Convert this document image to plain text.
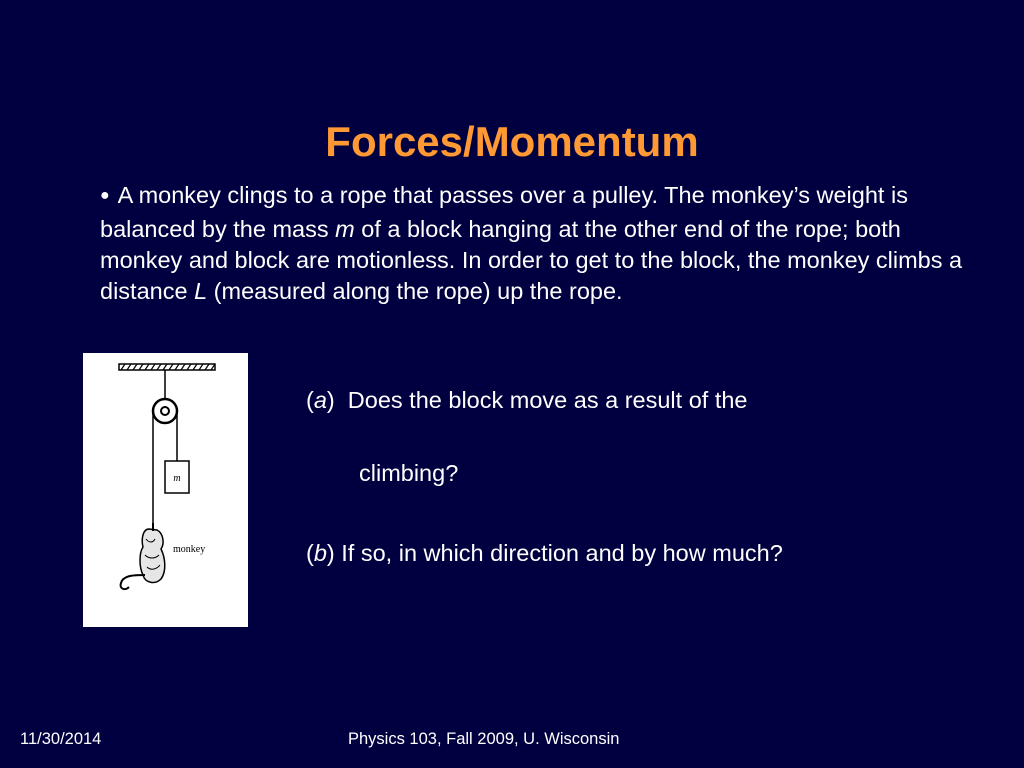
Forces/Momentum
● A monkey clings to a rope that passes over a pulley. The monkey’s weight is balanced by the mass m of a block hanging at the other end of the rope; both monkey and block are motionless. In order to get to the block, the monkey climbs a distance L (measured along the rope) up the rope.
m
monkey
(a)  Does the block move as a result of the
climbing?
(b) If so, in which direction and by how much?
11/30/2014	Physics 103, Fall 2009, U. Wisconsin
